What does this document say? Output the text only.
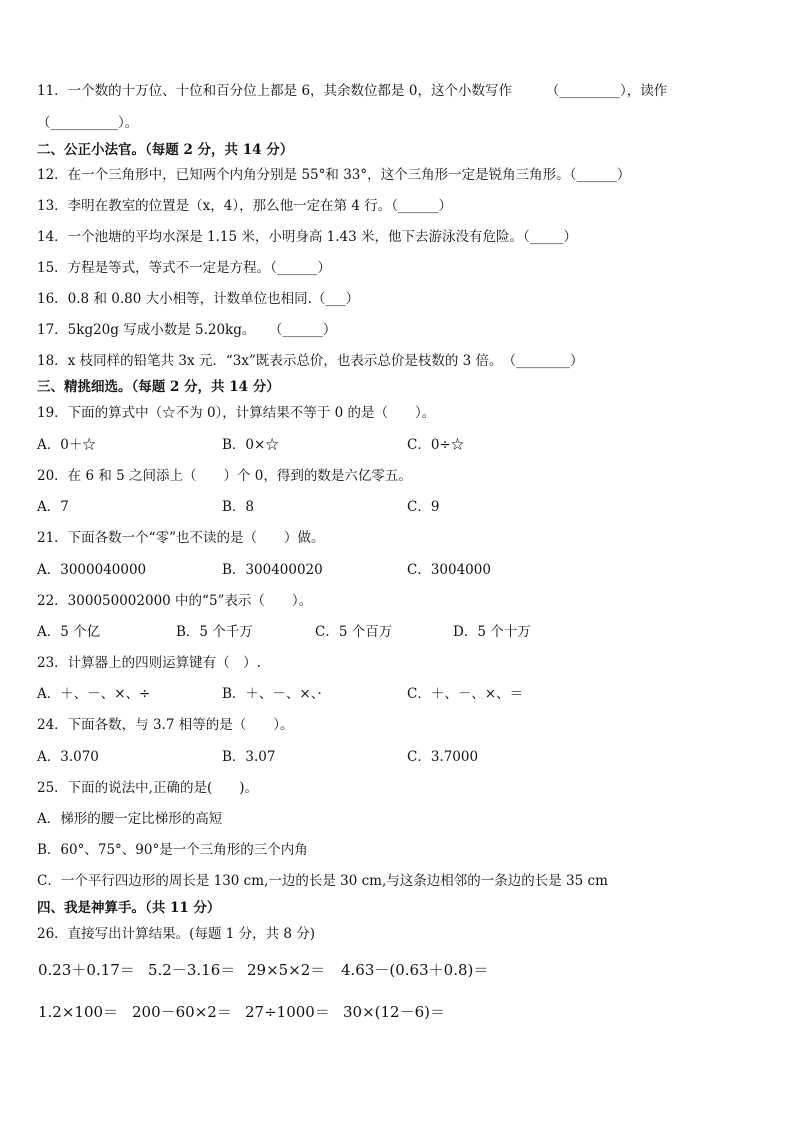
11．一个数的十万位、十位和百分位上都是 6，其余数位都是 0，这个小数写作　　　（_________），读作
（__________）。
二、公正小法官。（每题 2 分，共 14 分）
12．在一个三角形中，已知两个内角分别是 55°和 33°，这个三角形一定是锐角三角形。（______）
13．李明在教室的位置是（x，4），那么他一定在第 4 行。（______）
14．一个池塘的平均水深是 1.15 米，小明身高 1.43 米，他下去游泳没有危险。（_____）
15．方程是等式，等式不一定是方程。（______）
16．0.8 和 0.80 大小相等，计数单位也相同.（___）
17．5kg20g 写成小数是 5.20kg。　　（______）
18．x 枝同样的铅笔共 3x 元．“3x”既表示总价，也表示总价是枝数的 3 倍。　（________）
三、精挑细选。（每题 2 分，共 14 分）
19．下面的算式中（☆不为 0），计算结果不等于 0 的是（　　）。
A．0＋☆	B．0×☆	C．0÷☆
20．在 6 和 5 之间添上（　　）个 0，得到的数是六亿零五。
A．7	B．8	C．9
21．下面各数一个“零”也不读的是（　　）做。
A．3000040000	B．300400020	C．3004000
22．300050002000 中的“5”表示（　　）。
A．5 个亿	B．5 个千万	C．5 个百万	D．5 个十万
23．计算器上的四则运算键有（　）.
A．＋、－、×、÷	B．＋、－、×、·	C．＋、－、×、＝
24．下面各数，与 3.7 相等的是（　　）。
A．3.070	B．3.07	C．3.7000
25．下面的说法中,正确的是(　　)。
A．梯形的腰一定比梯形的高短
B．60°、75°、90°是一个三角形的三个内角
C．一个平行四边形的周长是 130 cm,一边的长是 30 cm,与这条边相邻的一条边的长是 35 cm
四、我是神算手。（共 11 分）
26．直接写出计算结果。(每题 1 分，共 8 分)
0.23＋0.17＝ 5.2－3.16＝ 29×5×2＝ 4.63－(0.63＋0.8)＝
1.2×100＝ 200－60×2＝ 27÷1000＝ 30×(12－6)＝
